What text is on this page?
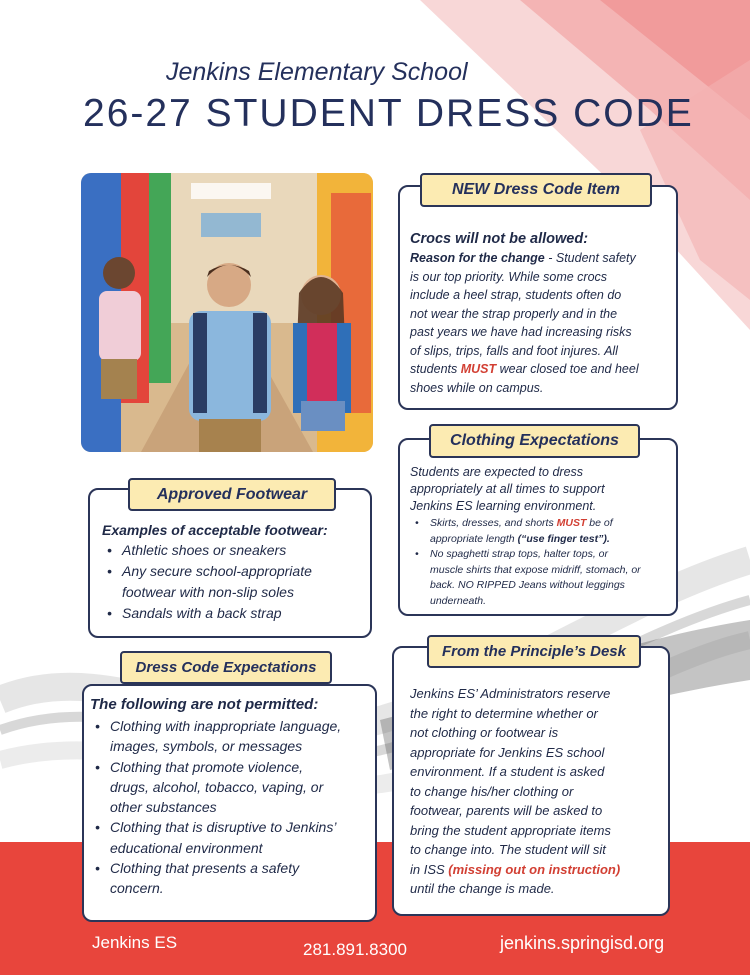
Jenkins Elementary School
26-27 STUDENT DRESS CODE
Crocs will not be allowed:
Reason for the change - Student safety
is our top priority. While some crocs
include a heel strap, students often do
not wear the strap properly and in the
past years we have had increasing risks
of slips, trips, falls and foot injures. All
students MUST wear closed toe and heel
shoes while on campus.
NEW Dress Code Item
Students are expected to dress
appropriately at all times to support
Jenkins ES learning environment.
• Skirts, dresses, and shorts MUST be of
appropriate length (“use finger test”).
• No spaghetti strap tops, halter tops, or
muscle shirts that expose midriff, stomach, or
back. NO RIPPED Jeans without leggings
underneath.
Clothing Expectations
Examples of acceptable footwear:
• Athletic shoes or sneakers
• Any secure school-appropriate
footwear with non-slip soles
• Sandals with a back strap
Approved Footwear
The following are not permitted:
• Clothing with inappropriate language,
images, symbols, or messages
• Clothing that promote violence,
drugs, alcohol, tobacco, vaping, or
other substances
• Clothing that is disruptive to Jenkins’
educational environment
• Clothing that presents a safety
concern.
Dress Code Expectations
Jenkins ES’ Administrators reserve
the right to determine whether or
not clothing or footwear is
appropriate for Jenkins ES school
environment. If a student is asked
to change his/her clothing or
footwear, parents will be asked to
bring the student appropriate items
to change into. The student will sit
in ISS (missing out on instruction)
until the change is made.
From the Principle’s Desk
Jenkins ES	281.891.8300	jenkins.springisd.org
